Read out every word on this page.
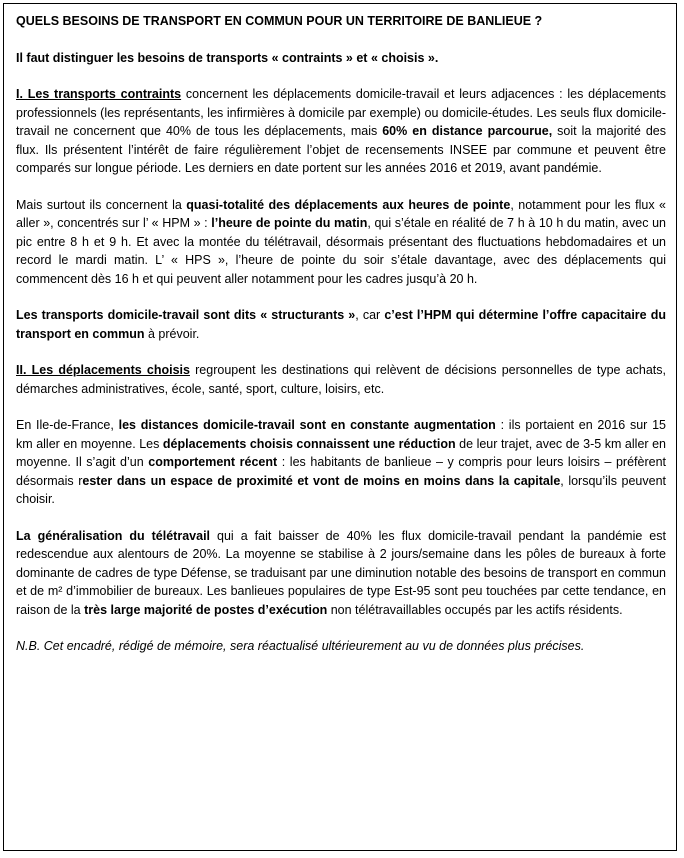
QUELS BESOINS DE TRANSPORT EN COMMUN POUR UN TERRITOIRE DE BANLIEUE ?

Il faut distinguer les besoins de transports « contraints » et « choisis ».

I. Les transports contraints concernent les déplacements domicile-travail et leurs adjacences : les déplacements professionnels (les représentants, les infirmières à domicile par exemple) ou domicile-études. Les seuls flux domicile-travail ne concernent que 40% de tous les déplacements, mais 60% en distance parcourue, soit la majorité des flux. Ils présentent l’intérêt de faire régulièrement l’objet de recensements INSEE par commune et peuvent être comparés sur longue période. Les derniers en date portent sur les années 2016 et 2019, avant pandémie.

Mais surtout ils concernent la quasi-totalité des déplacements aux heures de pointe, notamment pour les flux « aller », concentrés sur l’ « HPM » : l’heure de pointe du matin, qui s’étale en réalité de 7 h à 10 h du matin, avec un pic entre 8 h et 9 h. Et avec la montée du télétravail, désormais présentant des fluctuations hebdomadaires et un record le mardi matin. L’ « HPS », l’heure de pointe du soir s’étale davantage, avec des déplacements qui commencent dès 16 h et qui peuvent aller notamment pour les cadres jusqu’à 20 h.

Les transports domicile-travail sont dits « structurants », car c’est l’HPM qui détermine l’offre capacitaire du transport en commun à prévoir.

II. Les déplacements choisis regroupent les destinations qui relèvent de décisions personnelles de type achats, démarches administratives, école, santé, sport, culture, loisirs, etc.

En Ile-de-France, les distances domicile-travail sont en constante augmentation : ils portaient en 2016 sur 15 km aller en moyenne. Les déplacements choisis connaissent une réduction de leur trajet, avec de 3-5 km aller en moyenne. Il s’agit d’un comportement récent : les habitants de banlieue – y compris pour leurs loisirs – préfèrent désormais rester dans un espace de proximité et vont de moins en moins dans la capitale, lorsqu’ils peuvent choisir.

La généralisation du télétravail qui a fait baisser de 40% les flux domicile-travail pendant la pandémie est redescendue aux alentours de 20%. La moyenne se stabilise à 2 jours/semaine dans les pôles de bureaux à forte dominante de cadres de type Défense, se traduisant par une diminution notable des besoins de transport en commun et de m² d’immobilier de bureaux. Les banlieues populaires de type Est-95 sont peu touchées par cette tendance, en raison de la très large majorité de postes d’exécution non télétravaillables occupés par les actifs résidents.

N.B. Cet encadré, rédigé de mémoire, sera réactualisé ultérieurement au vu de données plus précises.
